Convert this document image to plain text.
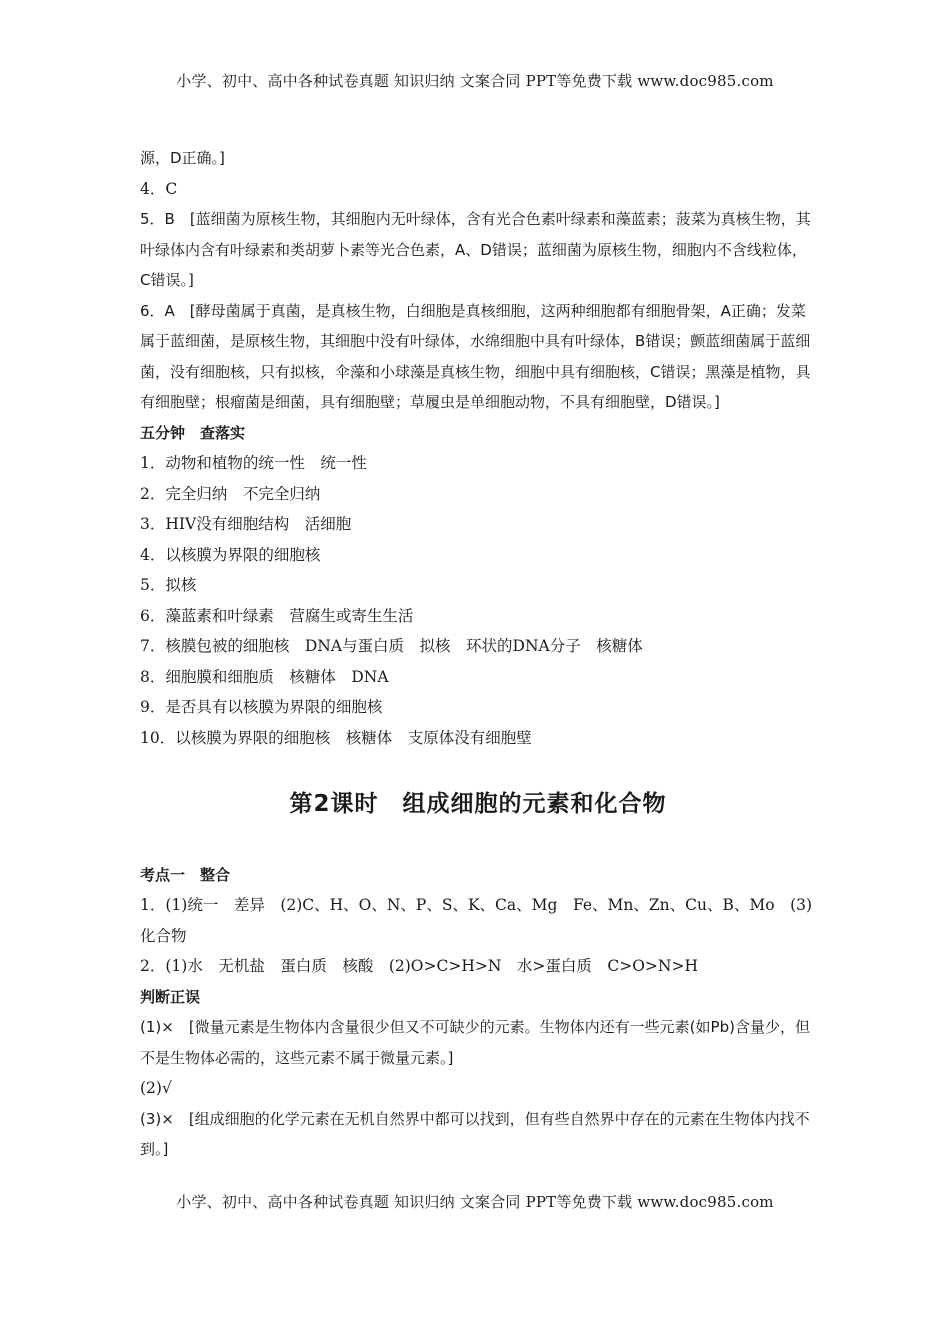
小学、初中、高中各种试卷真题 知识归纳 文案合同 PPT等免费下载 www.doc985.com

源，D正确。]

4．C

5．B　[蓝细菌为原核生物，其细胞内无叶绿体，含有光合色素叶绿素和藻蓝素；菠菜为真核生物，其叶绿体内含有叶绿素和类胡萝卜素等光合色素，A、D错误；蓝细菌为原核生物，细胞内不含线粒体，C错误。]

6．A　[酵母菌属于真菌，是真核生物，白细胞是真核细胞，这两种细胞都有细胞骨架，A正确；发菜属于蓝细菌，是原核生物，其细胞中没有叶绿体，水绵细胞中具有叶绿体，B错误；颤蓝细菌属于蓝细菌，没有细胞核，只有拟核，伞藻和小球藻是真核生物，细胞中具有细胞核，C错误；黑藻是植物，具有细胞壁；根瘤菌是细菌，具有细胞壁；草履虫是单细胞动物，不具有细胞壁，D错误。]

五分钟　查落实

1．动物和植物的统一性　统一性

2．完全归纳　不完全归纳

3．HIV没有细胞结构　活细胞

4．以核膜为界限的细胞核

5．拟核

6．藻蓝素和叶绿素　营腐生或寄生生活

7．核膜包被的细胞核　DNA与蛋白质　拟核　环状的DNA分子　核糖体

8．细胞膜和细胞质　核糖体　DNA

9．是否具有以核膜为界限的细胞核

10．以核膜为界限的细胞核　核糖体　支原体没有细胞壁

第2课时　组成细胞的元素和化合物

考点一　整合

1．(1)统一　差异　(2)C、H、O、N、P、S、K、Ca、Mg　Fe、Mn、Zn、Cu、B、Mo　(3)化合物

2．(1)水　无机盐　蛋白质　核酸　(2)O>C>H>N　水>蛋白质　C>O>N>H

判断正误

(1)×　[微量元素是生物体内含量很少但又不可缺少的元素。生物体内还有一些元素(如Pb)含量少，但不是生物体必需的，这些元素不属于微量元素。]

(2)√

(3)×　[组成细胞的化学元素在无机自然界中都可以找到，但有些自然界中存在的元素在生物体内找不到。]

小学、初中、高中各种试卷真题 知识归纳 文案合同 PPT等免费下载 www.doc985.com
